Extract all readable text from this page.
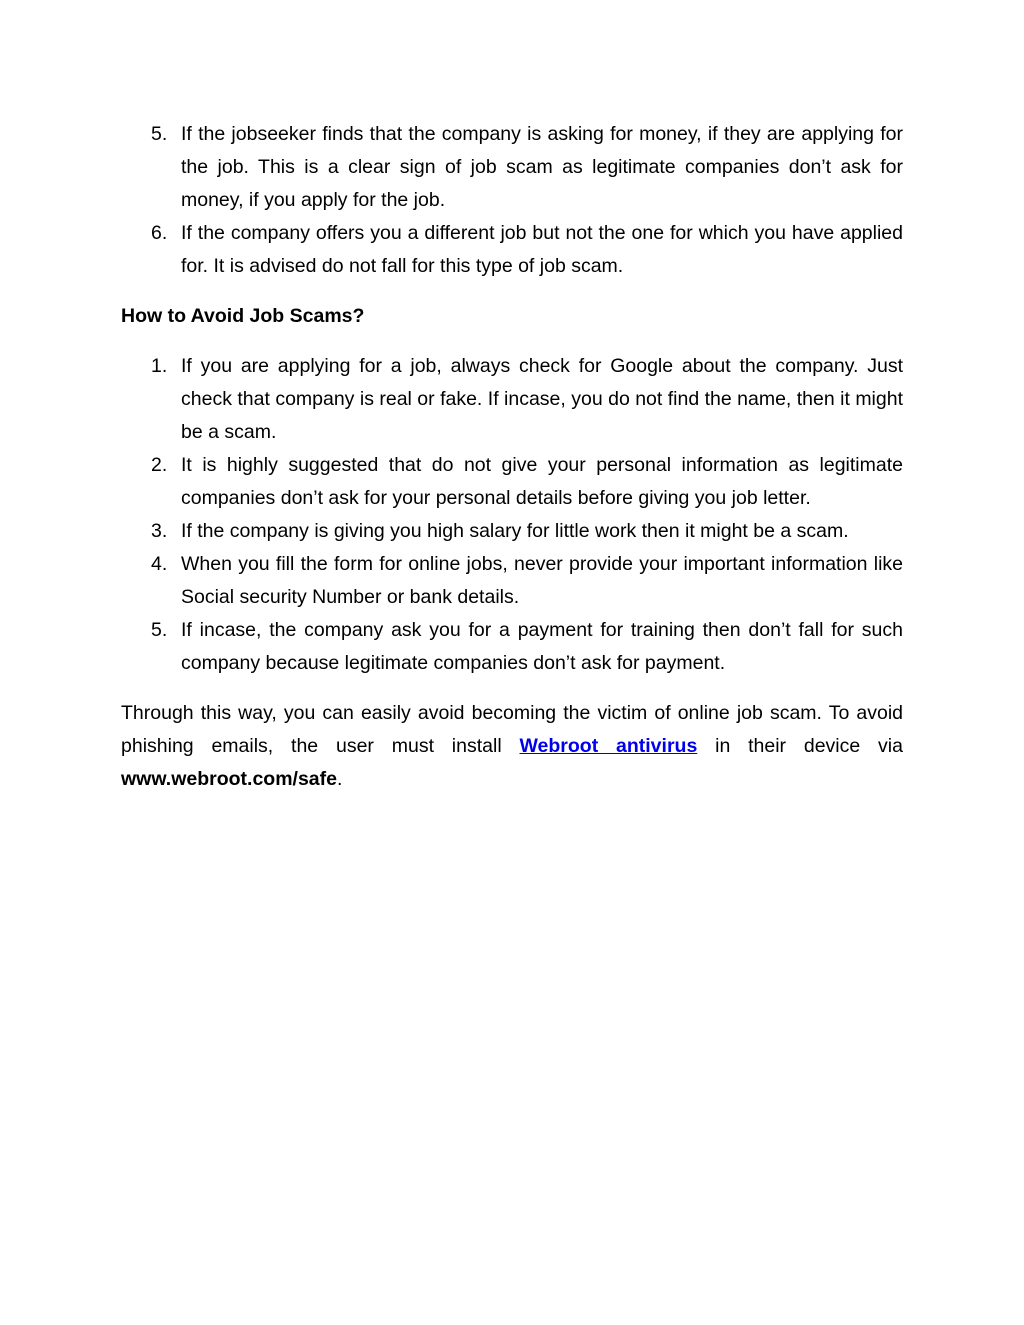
5. If the jobseeker finds that the company is asking for money, if they are applying for the job. This is a clear sign of job scam as legitimate companies don’t ask for money, if you apply for the job.
6. If the company offers you a different job but not the one for which you have applied for. It is advised do not fall for this type of job scam.
How to Avoid Job Scams?
1. If you are applying for a job, always check for Google about the company. Just check that company is real or fake. If incase, you do not find the name, then it might be a scam.
2. It is highly suggested that do not give your personal information as legitimate companies don’t ask for your personal details before giving you job letter.
3. If the company is giving you high salary for little work then it might be a scam.
4. When you fill the form for online jobs, never provide your important information like Social security Number or bank details.
5. If incase, the company ask you for a payment for training then don’t fall for such company because legitimate companies don’t ask for payment.

Through this way, you can easily avoid becoming the victim of online job scam. To avoid phishing emails, the user must install Webroot antivirus in their device via www.webroot.com/safe.
